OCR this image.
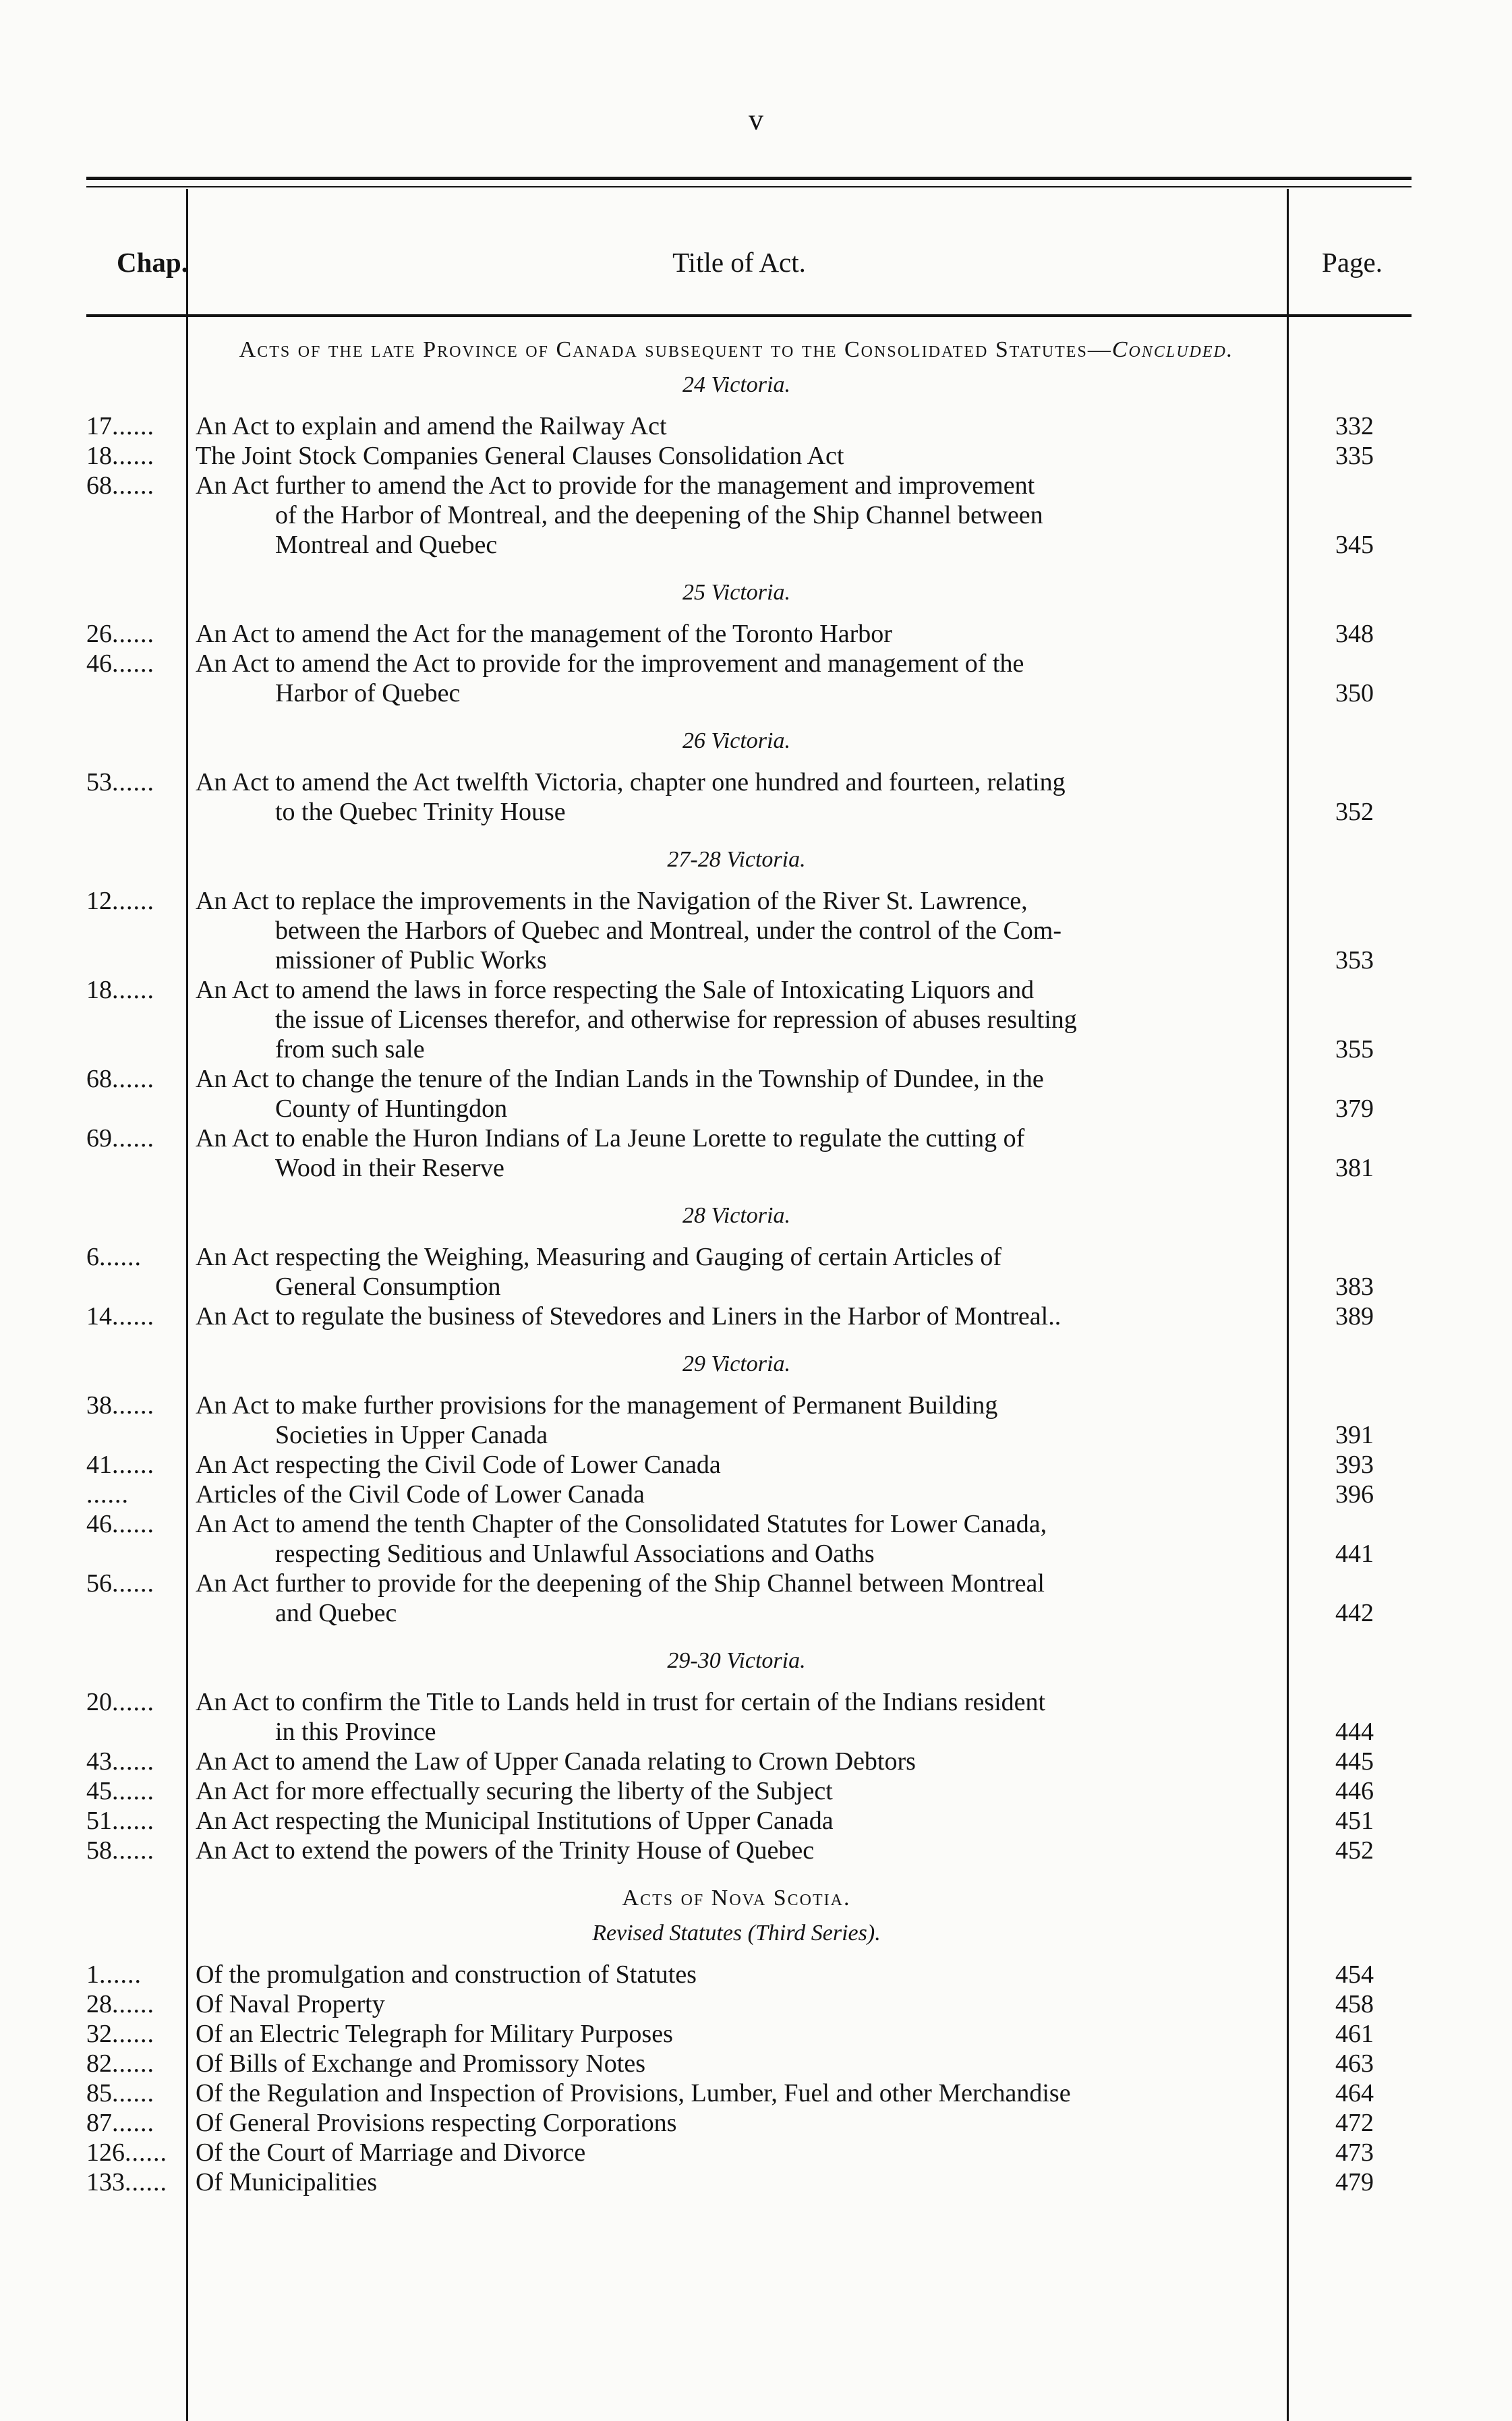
v
Chap.	Title of Act.	Page.
Acts of the late Province of Canada subsequent to the Consolidated Statutes—Concluded.
24 Victoria.
17......	An Act to explain and amend the Railway Act	332
18......	The Joint Stock Companies General Clauses Consolidation Act	335
68......	An Act further to amend the Act to provide for the management and improvement
of the Harbor of Montreal, and the deepening of the Ship Channel between
Montreal and Quebec	345
25 Victoria.
26......	An Act to amend the Act for the management of the Toronto Harbor	348
46......	An Act to amend the Act to provide for the improvement and management of the
Harbor of Quebec	350
26 Victoria.
53......	An Act to amend the Act twelfth Victoria, chapter one hundred and fourteen, relating
to the Quebec Trinity House	352
27-28 Victoria.
12......	An Act to replace the improvements in the Navigation of the River St. Lawrence,
between the Harbors of Quebec and Montreal, under the control of the Com-
missioner of Public Works	353
18......	An Act to amend the laws in force respecting the Sale of Intoxicating Liquors and
the issue of Licenses therefor, and otherwise for repression of abuses resulting
from such sale	355
68......	An Act to change the tenure of the Indian Lands in the Township of Dundee, in the
County of Huntingdon	379
69......	An Act to enable the Huron Indians of La Jeune Lorette to regulate the cutting of
Wood in their Reserve	381
28 Victoria.
6......	An Act respecting the Weighing, Measuring and Gauging of certain Articles of
General Consumption	383
14......	An Act to regulate the business of Stevedores and Liners in the Harbor of Montreal..	389
29 Victoria.
38......	An Act to make further provisions for the management of Permanent Building
Societies in Upper Canada	391
41......	An Act respecting the Civil Code of Lower Canada	393
......	Articles of the Civil Code of Lower Canada	396
46......	An Act to amend the tenth Chapter of the Consolidated Statutes for Lower Canada,
respecting Seditious and Unlawful Associations and Oaths	441
56......	An Act further to provide for the deepening of the Ship Channel between Montreal
and Quebec	442
29-30 Victoria.
20......	An Act to confirm the Title to Lands held in trust for certain of the Indians resident
in this Province	444
43......	An Act to amend the Law of Upper Canada relating to Crown Debtors	445
45......	An Act for more effectually securing the liberty of the Subject	446
51......	An Act respecting the Municipal Institutions of Upper Canada	451
58......	An Act to extend the powers of the Trinity House of Quebec	452
Acts of Nova Scotia.
Revised Statutes (Third Series).
1......	Of the promulgation and construction of Statutes	454
28......	Of Naval Property	458
32......	Of an Electric Telegraph for Military Purposes	461
82......	Of Bills of Exchange and Promissory Notes	463
85......	Of the Regulation and Inspection of Provisions, Lumber, Fuel and other Merchandise	464
87......	Of General Provisions respecting Corporations	472
126......	Of the Court of Marriage and Divorce	473
133......	Of Municipalities	479
